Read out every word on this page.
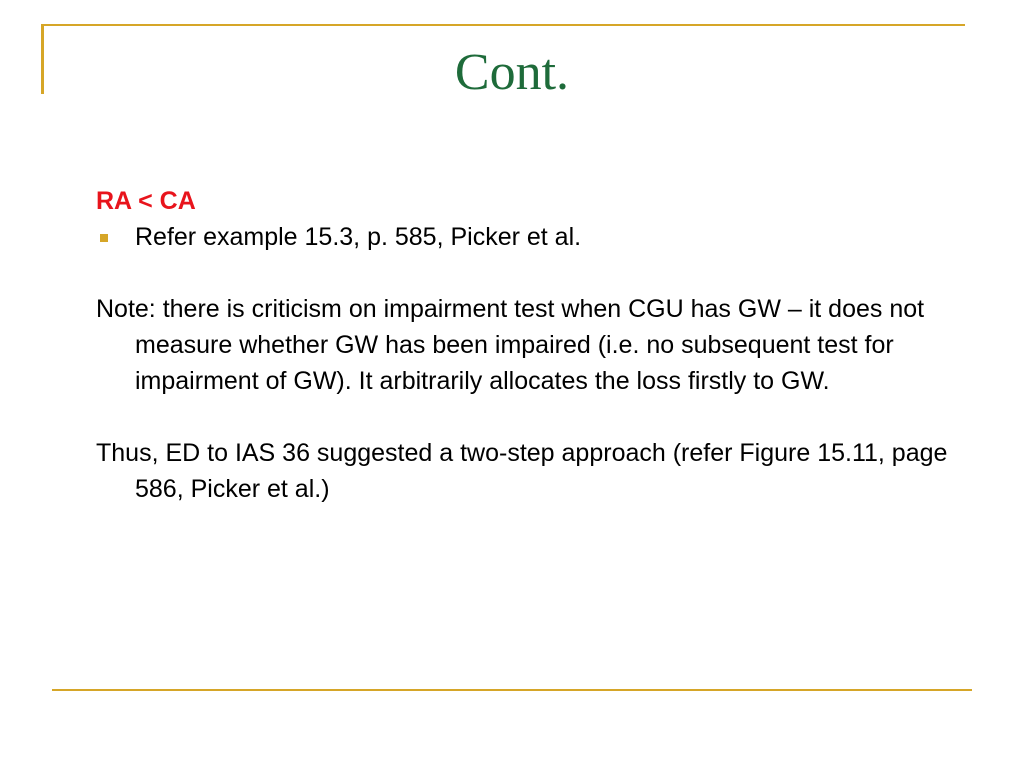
Cont.

RA < CA

Refer example 15.3, p. 585, Picker et al.

Note: there is criticism on impairment test when CGU has GW – it does not measure whether GW has been impaired (i.e. no subsequent test for impairment of GW). It arbitrarily allocates the loss firstly to GW.

Thus, ED to IAS 36 suggested a two-step approach (refer Figure 15.11, page 586, Picker et al.)
